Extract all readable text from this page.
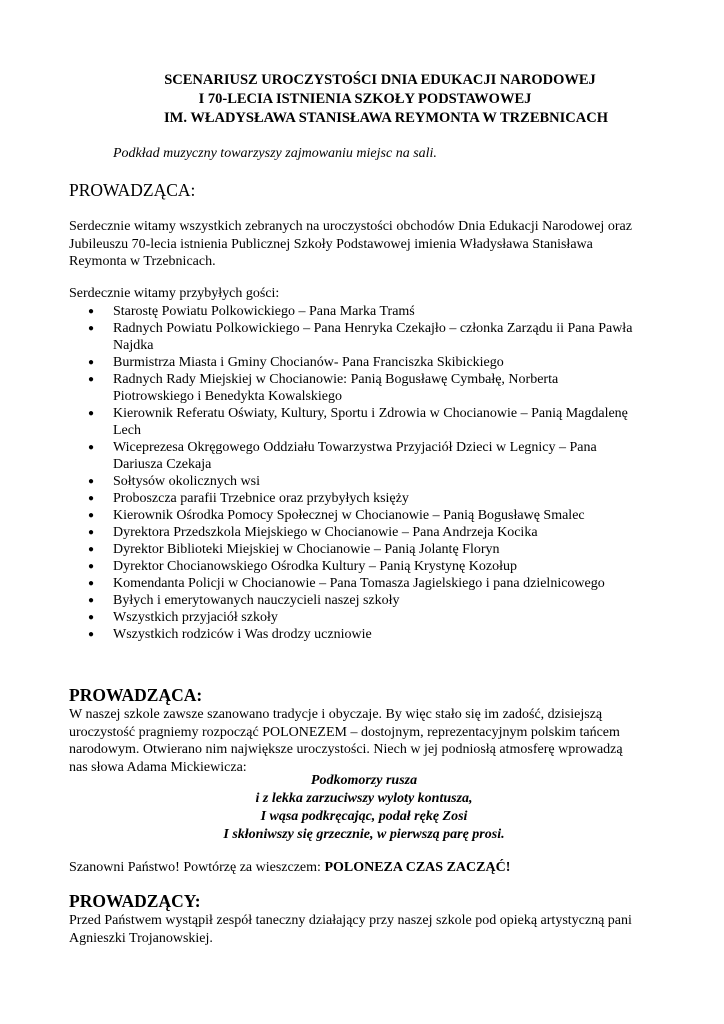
SCENARIUSZ UROCZYSTOŚCI DNIA EDUKACJI NARODOWEJ
I 70-LECIA ISTNIENIA SZKOŁY PODSTAWOWEJ
IM. WŁADYSŁAWA STANISŁAWA REYMONTA W TRZEBNICACH
Podkład muzyczny towarzyszy zajmowaniu miejsc na sali.
PROWADZĄCA:
Serdecznie witamy wszystkich zebranych na uroczystości obchodów Dnia Edukacji Narodowej oraz Jubileuszu 70-lecia istnienia Publicznej Szkoły Podstawowej imienia Władysława Stanisława Reymonta w Trzebnicach.
Serdecznie witamy przybyłych gości:
● Starostę Powiatu Polkowickiego – Pana Marka Tramś
● Radnych Powiatu Polkowickiego – Pana Henryka Czekajło – członka Zarządu ii Pana Pawła Najdka
● Burmistrza Miasta i Gminy Chocianów- Pana Franciszka Skibickiego
● Radnych Rady Miejskiej w Chocianowie: Panią Bogusławę Cymbałę, Norberta Piotrowskiego i Benedykta Kowalskiego
● Kierownik Referatu Oświaty, Kultury, Sportu i Zdrowia w Chocianowie – Panią Magdalenę Lech
● Wiceprezesa Okręgowego Oddziału Towarzystwa Przyjaciół Dzieci w Legnicy – Pana Dariusza Czekaja
● Sołtysów okolicznych wsi
● Proboszcza parafii Trzebnice oraz przybyłych księży
● Kierownik Ośrodka Pomocy Społecznej w Chocianowie – Panią Bogusławę Smalec
● Dyrektora Przedszkola Miejskiego w Chocianowie – Pana Andrzeja Kocika
● Dyrektor Biblioteki Miejskiej w Chocianowie – Panią Jolantę Floryn
● Dyrektor Chocianowskiego Ośrodka Kultury – Panią Krystynę Kozołup
● Komendanta Policji w Chocianowie – Pana Tomasza Jagielskiego i pana dzielnicowego
● Byłych i emerytowanych nauczycieli naszej szkoły
● Wszystkich przyjaciół szkoły
● Wszystkich rodziców i Was drodzy uczniowie
PROWADZĄCA:
W naszej szkole zawsze szanowano tradycje i obyczaje. By więc stało się im zadość, dzisiejszą uroczystość pragniemy rozpocząć POLONEZEM – dostojnym, reprezentacyjnym polskim tańcem narodowym. Otwierano nim największe uroczystości. Niech w jej podniosłą atmosferę wprowadzą nas słowa Adama Mickiewicza:
Podkomorzy rusza
i z lekka zarzuciwszy wyloty kontusza,
I wąsa podkręcając, podał rękę Zosi
I skłoniwszy się grzecznie, w pierwszą parę prosi.
Szanowni Państwo! Powtórzę za wieszczem: POLONEZA CZAS ZACZĄĆ!
PROWADZĄCY:
Przed Państwem wystąpił zespół taneczny działający przy naszej szkole pod opieką artystyczną pani Agnieszki Trojanowskiej.
